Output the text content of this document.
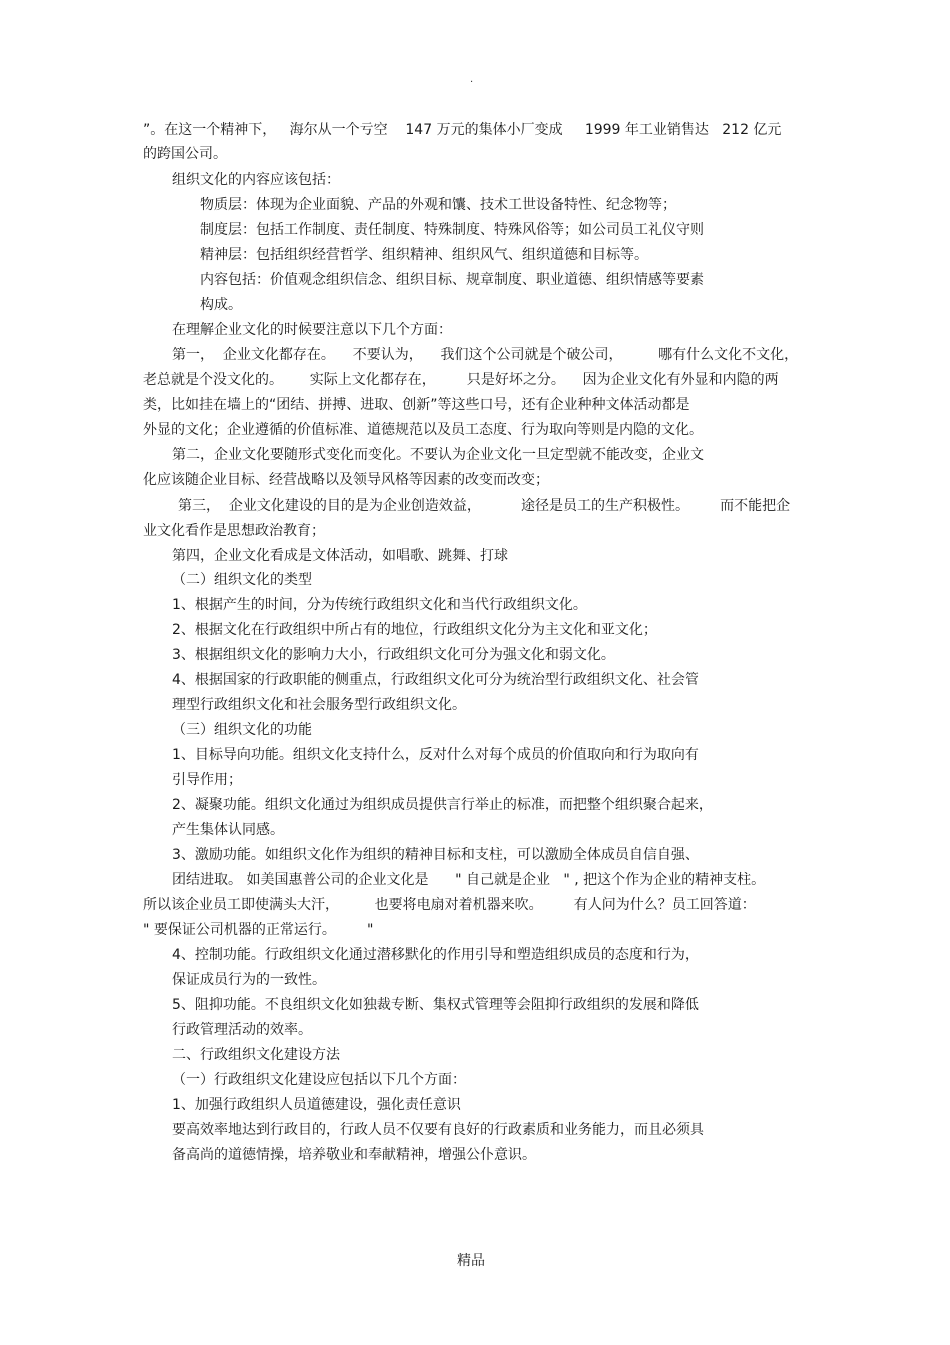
.
”。在这一个精神下，   海尔从一个亏空    147 万元的集体小厂变成     1999 年工业销售达   212 亿元
的跨国公司。
组织文化的内容应该包括：
物质层：体现为企业面貌、产品的外观和馕、技术工世设备特性、纪念物等；
制度层：包括工作制度、责任制度、特殊制度、特殊风俗等；如公司员工礼仪守则
精神层：包括组织经营哲学、组织精神、组织风气、组织道德和目标等。
内容包括：价值观念组织信念、组织目标、规章制度、职业道德、组织情感等要素
构成。
在理解企业文化的时候要注意以下几个方面：
第一，  企业文化都存在。    不要认为，    我们这个公司就是个破公司，        哪有什么文化不文化，
老总就是个没文化的。      实际上文化都存在，       只是好坏之分。    因为企业文化有外显和内隐的两
类，比如挂在墙上的“团结、拼搏、进取、创新”等这些口号，还有企业种种文体活动都是
外显的文化；企业遵循的价值标准、道德规范以及员工态度、行为取向等则是内隐的文化。
第二，企业文化要随形式变化而变化。不要认为企业文化一旦定型就不能改变，企业文
化应该随企业目标、经营战略以及领导风格等因素的改变而改变；
第三，  企业文化建设的目的是为企业创造效益，         途径是员工的生产积极性。       而不能把企
业文化看作是思想政治教育；
第四，企业文化看成是文体活动，如唱歌、跳舞、打球
（二）组织文化的类型
1、根据产生的时间，分为传统行政组织文化和当代行政组织文化。
2、根据文化在行政组织中所占有的地位，行政组织文化分为主文化和亚文化；
3、根据组织文化的影响力大小，行政组织文化可分为强文化和弱文化。
4、根据国家的行政职能的侧重点，行政组织文化可分为统治型行政组织文化、社会管
理型行政组织文化和社会服务型行政组织文化。
（三）组织文化的功能
1、目标导向功能。组织文化支持什么，反对什么对每个成员的价值取向和行为取向有
引导作用；
2、凝聚功能。组织文化通过为组织成员提供言行举止的标准，而把整个组织聚合起来，
产生集体认同感。
3、激励功能。如组织文化作为组织的精神目标和支柱，可以激励全体成员自信自强、
团结进取。 如美国惠普公司的企业文化是      " 自己就是企业   " , 把这个作为企业的精神支柱。
所以该企业员工即使满头大汗，        也要将电扇对着机器来吹。       有人问为什么？员工回答道：
" 要保证公司机器的正常运行。       "
4、控制功能。行政组织文化通过潜移默化的作用引导和塑造组织成员的态度和行为，
保证成员行为的一致性。
5、阻抑功能。不良组织文化如独裁专断、集权式管理等会阻抑行政组织的发展和降低
行政管理活动的效率。
二、行政组织文化建设方法
（一）行政组织文化建设应包括以下几个方面：
1、加强行政组织人员道德建设，强化责任意识
要高效率地达到行政目的，行政人员不仅要有良好的行政素质和业务能力，而且必须具
备高尚的道德情操，培养敬业和奉献精神，增强公仆意识。
精品
